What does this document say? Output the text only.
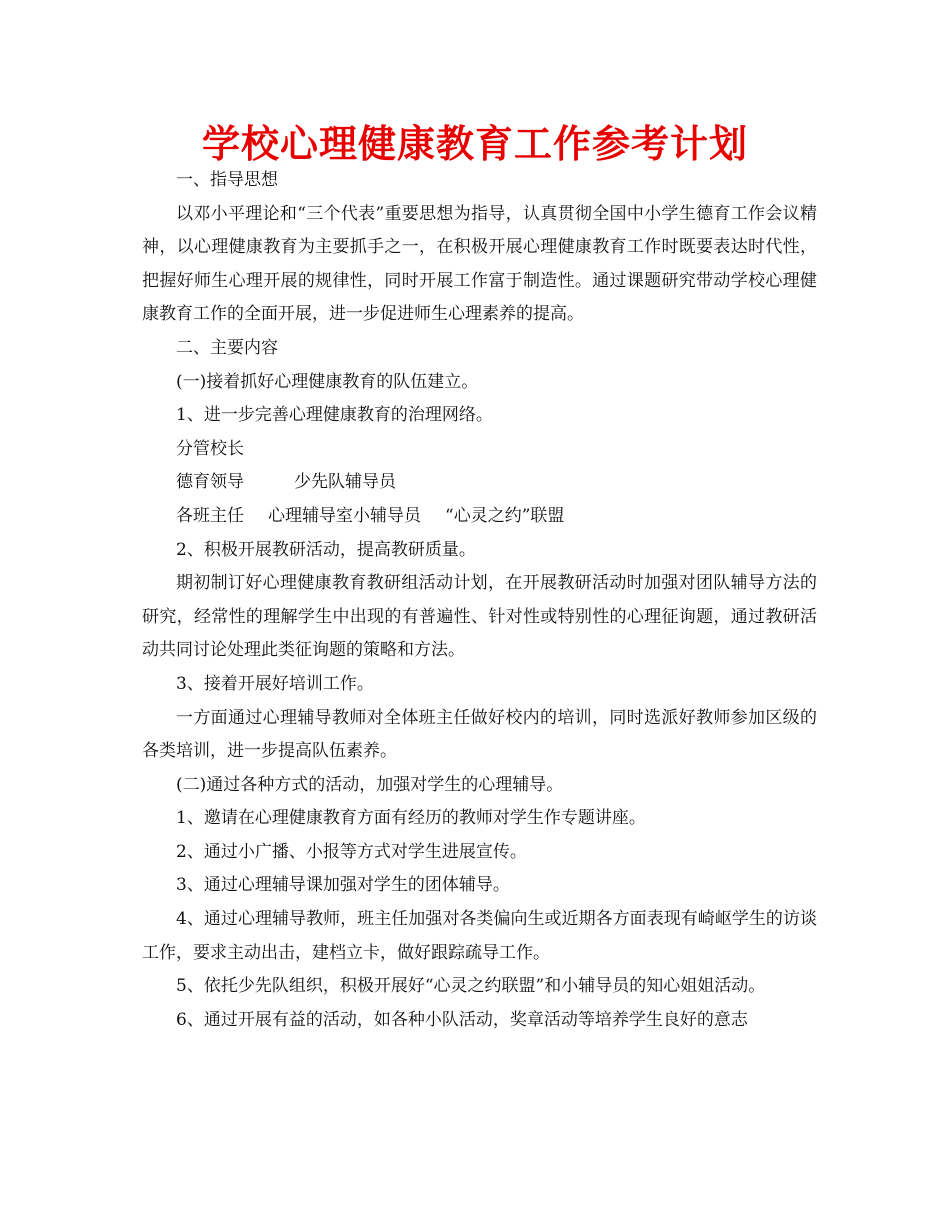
学校心理健康教育工作参考计划

一、指导思想

以邓小平理论和“三个代表”重要思想为指导，认真贯彻全国中小学生德育工作会议精神，以心理健康教育为主要抓手之一，在积极开展心理健康教育工作时既要表达时代性，把握好师生心理开展的规律性，同时开展工作富于制造性。通过课题研究带动学校心理健康教育工作的全面开展，进一步促进师生心理素养的提高。

二、主要内容

(一)接着抓好心理健康教育的队伍建立。

1、进一步完善心理健康教育的治理网络。

分管校长

德育领导	少先队辅导员

各班主任 心理辅导室小辅导员 “心灵之约”联盟

2、积极开展教研活动，提高教研质量。

期初制订好心理健康教育教研组活动计划，在开展教研活动时加强对团队辅导方法的研究，经常性的理解学生中出现的有普遍性、针对性或特别性的心理征询题，通过教研活动共同讨论处理此类征询题的策略和方法。

3、接着开展好培训工作。

一方面通过心理辅导教师对全体班主任做好校内的培训，同时选派好教师参加区级的各类培训，进一步提高队伍素养。

(二)通过各种方式的活动，加强对学生的心理辅导。

1、邀请在心理健康教育方面有经历的教师对学生作专题讲座。

2、通过小广播、小报等方式对学生进展宣传。

3、通过心理辅导课加强对学生的团体辅导。

4、通过心理辅导教师，班主任加强对各类偏向生或近期各方面表现有崎岖学生的访谈工作，要求主动出击，建档立卡，做好跟踪疏导工作。

5、依托少先队组织，积极开展好“心灵之约联盟”和小辅导员的知心姐姐活动。

6、通过开展有益的活动，如各种小队活动，奖章活动等培养学生良好的意志
